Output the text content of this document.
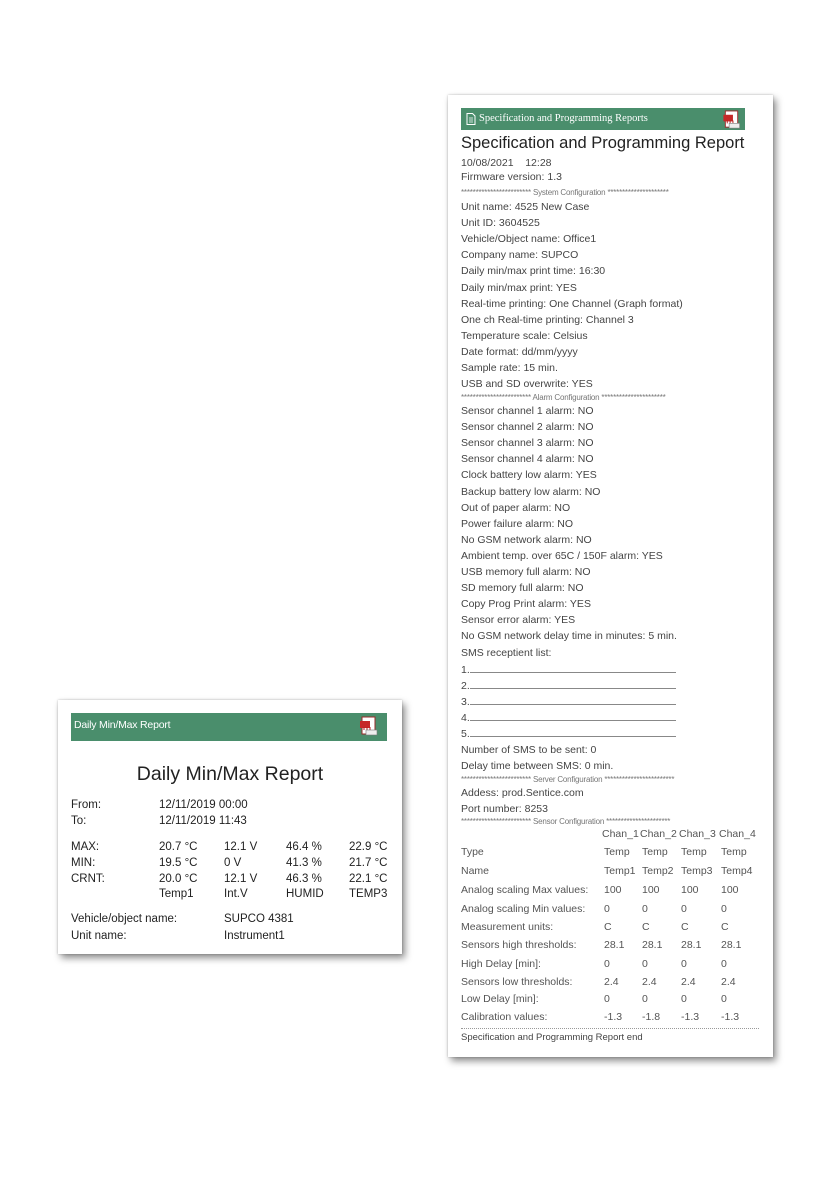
Daily Min/Max Report
Daily Min/Max Report
From:	12/11/2019 00:00
To:	12/11/2019 11:43
Vehicle/object name:	SUPCO 4381
Unit name:	Instrument1
MAX:	20.7 °C 12.1 V	46.4 % 22.9 °C
MIN:	19.5 °C 0 V	41.3 % 21.7 °C
CRNT:	20.0 °C 12.1 V	46.3 % 22.1 °C
Temp1	Int.V	HUMID TEMP3
Specification and Programming Reports
Specification and Programming Report
10/08/2021    12:28
Firmware version: 1.3
************************ System Configuration *********************
************************ Alarm Configuration **********************
Number of SMS to be sent: 0
Delay time between SMS: 0 min.
************************ Server Configuration ************************
Addess: prod.Sentice.com
Port number: 8253
************************ Sensor Configuration **********************
Specification and Programming Report end
Unit name: 4525 New Case
Unit ID: 3604525
Vehicle/Object name: Office1
Company name: SUPCO
Daily min/max print time: 16:30
Daily min/max print: YES
Real-time printing: One Channel (Graph format)
One ch Real-time printing: Channel 3
Temperature scale: Celsius
Date format: dd/mm/yyyy
Sample rate: 15 min.
USB and SD overwrite: YES
Sensor channel 1 alarm: NO
Sensor channel 2 alarm: NO
Sensor channel 3 alarm: NO
Sensor channel 4 alarm: NO
Clock battery low alarm: YES
Backup battery low alarm: NO
Out of paper alarm: NO
Power failure alarm: NO
No GSM network alarm: NO
Ambient temp. over 65C / 150F alarm: YES
USB memory full alarm: NO
SD memory full alarm: NO
Copy Prog Print alarm: YES
Sensor error alarm: YES
No GSM network delay time in minutes: 5 min.
SMS receptient list:
1.
2.
3.
4.
5.
Chan_1 Chan_2 Chan_3 Chan_4
Type	Temp Temp Temp Temp
Name	Temp1 Temp2 Temp3 Temp4
Analog scaling Max values: 100 100 100 100
Analog scaling Min values: 0	0	0	0
Measurement units:	C	C	C	C
Sensors high thresholds:	28.1 28.1 28.1 28.1
High Delay [min]:	0	0	0	0
Sensors low thresholds:	2.4 2.4 2.4 2.4
Low Delay [min]:	0	0	0	0
Calibration values:	-1.3 -1.8 -1.3 -1.3
